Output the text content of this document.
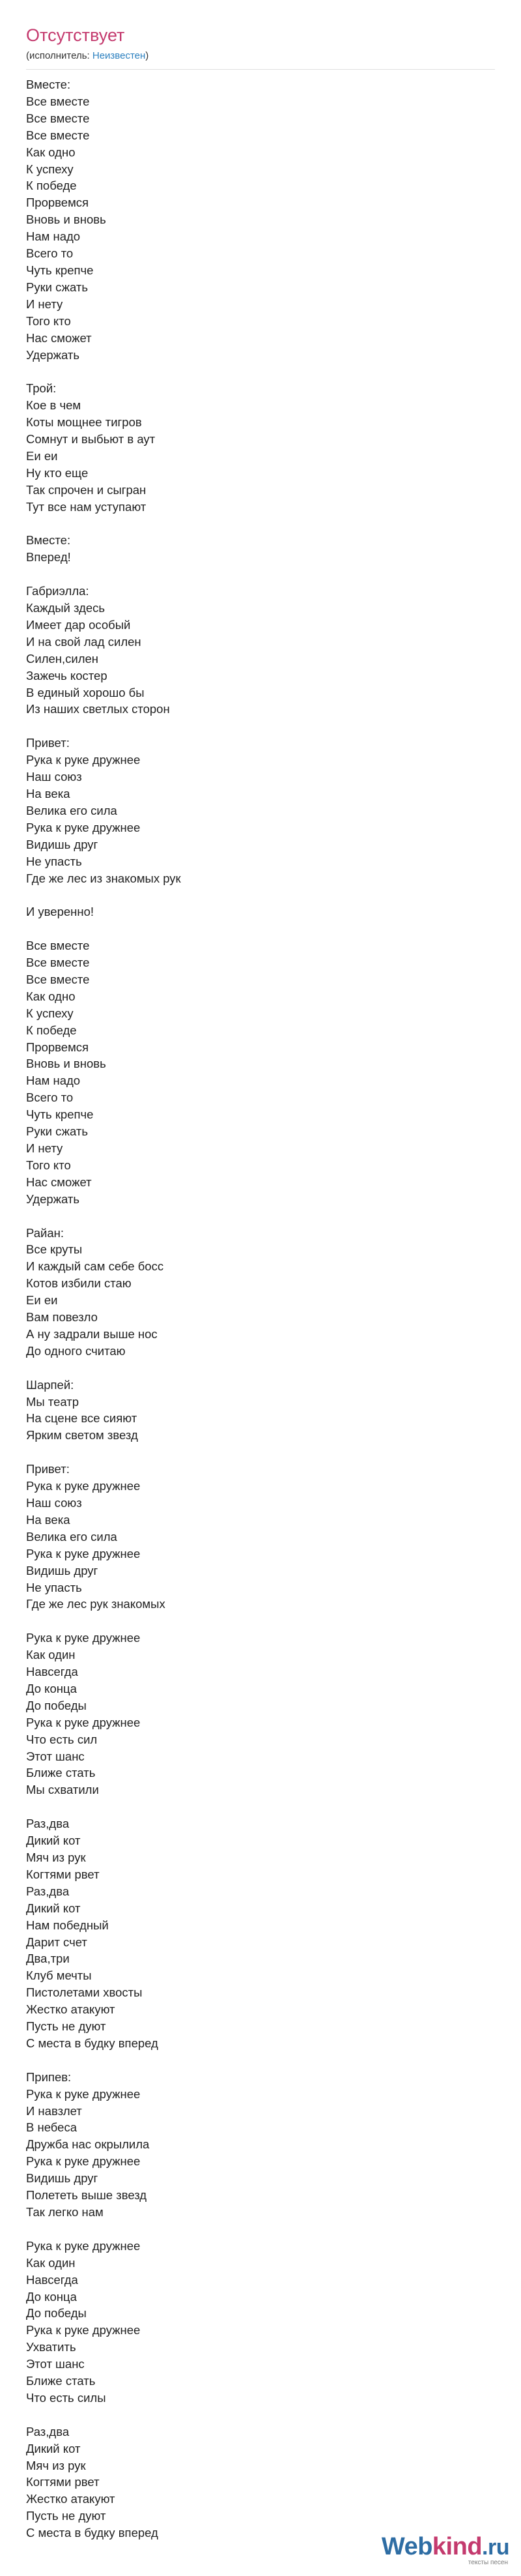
Отсутствует
(исполнитель: Неизвестен)
Вместе:
Все вместе
Все вместе
Все вместе
Как одно
К успеху
К победе
Прорвемся
Вновь и вновь
Нам надо
Всего то
Чуть крепче
Руки сжать
И нету
Того кто
Нас сможет
Удержать
Трой:
Кое в чем
Коты мощнее тигров
Сомнут и выбьют в аут
Еи еи
Ну кто еще
Так спрочен и сыгран
Тут все нам уступают
Вместе:
Вперед!
Габриэлла:
Каждый здесь
Имеет дар особый
И на свой лад силен
Силен,силен
Зажечь костер
В единый хорошо бы
Из наших светлых сторон
Привет:
Рука к руке дружнее
Наш союз
На века
Велика его сила
Рука к руке дружнее
Видишь друг
Не упасть
Где же лес из знакомых рук
И уверенно!
Все вместе
Все вместе
Все вместе
Как одно
К успеху
К победе
Прорвемся
Вновь и вновь
Нам надо
Всего то
Чуть крепче
Руки сжать
И нету
Того кто
Нас сможет
Удержать
Райан:
Все круты
И каждый сам себе босс
Котов избили стаю
Еи еи
Вам повезло
А ну задрали выше нос
До одного считаю
Шарпей:
Мы театр
На сцене все сияют
Ярким светом звезд
Привет:
Рука к руке дружнее
Наш союз
На века
Велика его сила
Рука к руке дружнее
Видишь друг
Не упасть
Где же лес рук знакомых
Рука к руке дружнее
Как один
Навсегда
До конца
До победы
Рука к руке дружнее
Что есть сил
Этот шанс
Ближе стать
Мы схватили
Раз,два
Дикий кот
Мяч из рук
Когтями рвет
Раз,два
Дикий кот
Нам победный
Дарит счет
Два,три
Клуб мечты
Пистолетами хвосты
Жестко атакуют
Пусть не дуют
С места в будку вперед
Припев:
Рука к руке дружнее
И навзлет
В небеса
Дружба нас окрылила
Рука к руке дружнее
Видишь друг
Полететь выше звезд
Так легко нам
Рука к руке дружнее
Как один
Навсегда
До конца
До победы
Рука к руке дружнее
Ухватить
Этот шанс
Ближе стать
Что есть силы
Раз,два
Дикий кот
Мяч из рук
Когтями рвет
Жестко атакуют
Пусть не дуют
С места в будку вперед
Webkind.ru
тексты песен
